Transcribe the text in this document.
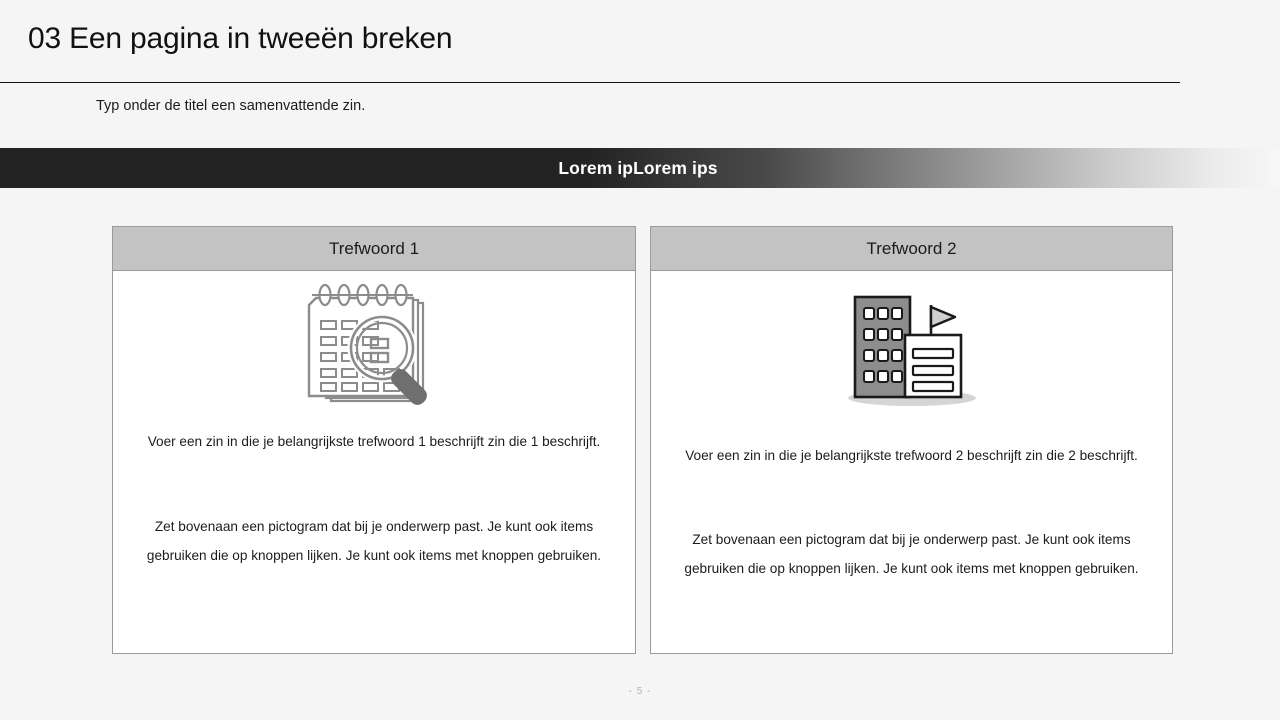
03 Een pagina in tweeën breken
Typ onder de titel een samenvattende zin.
Lorem ipLorem ips
Trefwoord 1
Voer een zin in die je belangrijkste trefwoord 1 beschrijft zin die 1 beschrijft.
Zet bovenaan een pictogram dat bij je onderwerp past. Je kunt ook items gebruiken die op knoppen lijken. Je kunt ook items met knoppen gebruiken.
Trefwoord 2
Voer een zin in die je belangrijkste trefwoord 2 beschrijft zin die 2 beschrijft.
Zet bovenaan een pictogram dat bij je onderwerp past. Je kunt ook items gebruiken die op knoppen lijken. Je kunt ook items met knoppen gebruiken.
- 5 -
